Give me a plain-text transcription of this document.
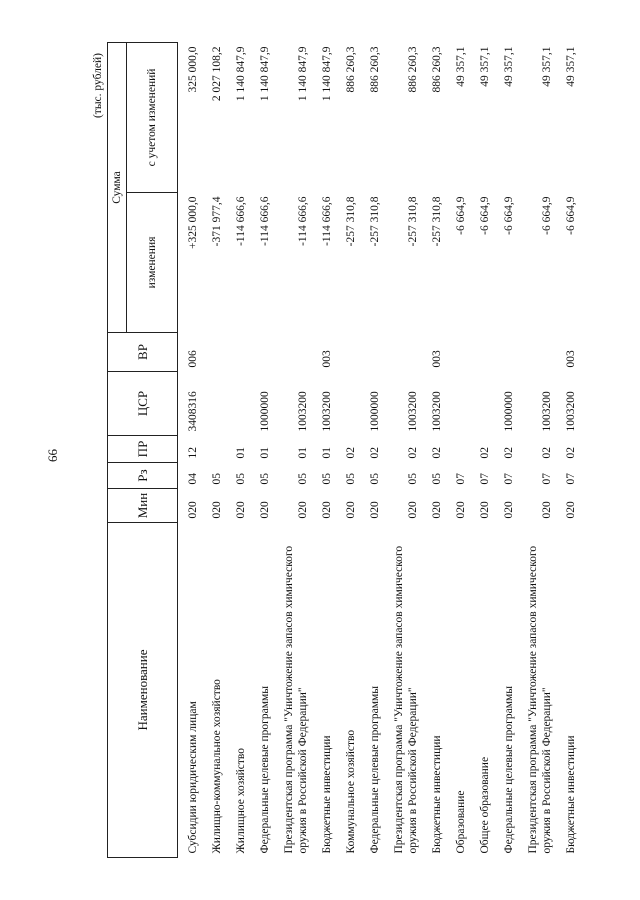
66
(тыс. рублей)
Наименование	Мин	Рз	ПР	ЦСР	ВР	Сумма	
						изменения	с учетом изменений
Субсидии юридическим лицам	020	04	12	3408316	006	+325 000,0	325 000,0
Жилищно-коммунальное хозяйство	020	05				-371 977,4	2 027 108,2
Жилищное хозяйство	020	05	01			-114 666,6	1 140 847,9
Федеральные целевые программы	020	05	01	1000000		-114 666,6	1 140 847,9
Президентская программа "Уничтожение запасов химического оружия в Российской Федерации"	020	05	01	1003200		-114 666,6	1 140 847,9
Бюджетные инвестиции	020	05	01	1003200	003	-114 666,6	1 140 847,9
Коммунальное хозяйство	020	05	02			-257 310,8	886 260,3
Федеральные целевые программы	020	05	02	1000000		-257 310,8	886 260,3
Президентская программа "Уничтожение запасов химического оружия в Российской Федерации"	020	05	02	1003200		-257 310,8	886 260,3
Бюджетные инвестиции	020	05	02	1003200	003	-257 310,8	886 260,3
Образование	020	07				-6 664,9	49 357,1
Общее образование	020	07	02			-6 664,9	49 357,1
Федеральные целевые программы	020	07	02	1000000		-6 664,9	49 357,1
Президентская программа "Уничтожение запасов химического оружия в Российской Федерации"	020	07	02	1003200		-6 664,9	49 357,1
Бюджетные инвестиции	020	07	02	1003200	003	-6 664,9	49 357,1
